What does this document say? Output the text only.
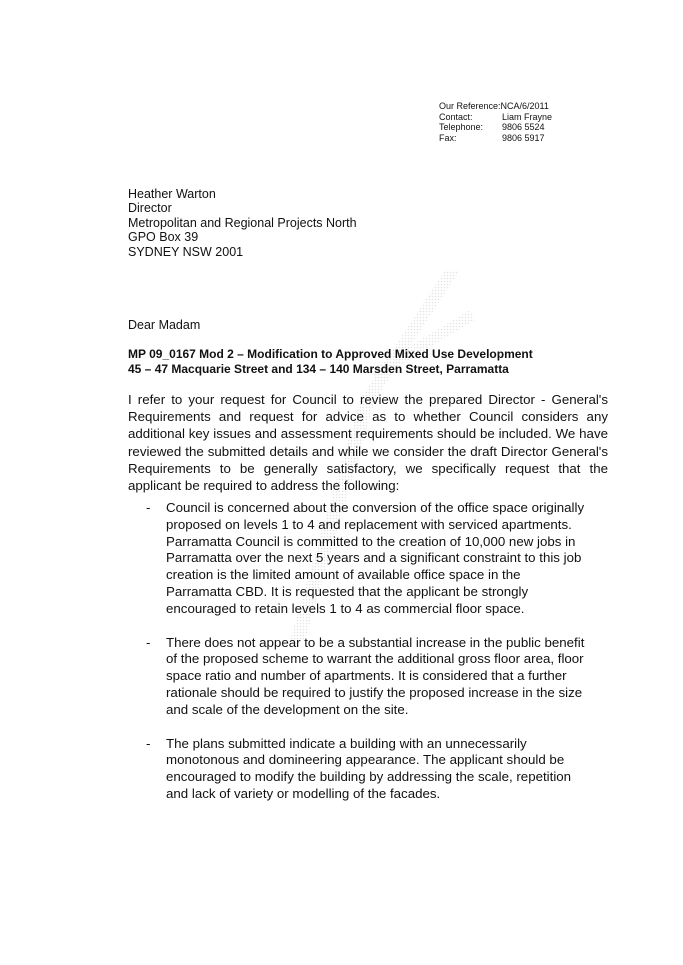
Our Reference: NCA/6/2011
Contact:	Liam Frayne
Telephone:	9806 5524
Fax:	9806 5917
Heather Warton
Director
Metropolitan and Regional Projects North
GPO Box 39
SYDNEY NSW 2001
Dear Madam
MP 09_0167 Mod 2 – Modification to Approved Mixed Use Development
45 – 47 Macquarie Street and 134 – 140 Marsden Street, Parramatta

I refer to your request for Council to review the prepared Director - General's Requirements and request for advice as to whether Council considers any additional key issues and assessment requirements should be included. We have reviewed the submitted details and while we consider the draft Director General's Requirements to be generally satisfactory, we specifically request that the applicant be required to address the following:

-	Council is concerned about the conversion of the office space originally
proposed on levels 1 to 4 and replacement with serviced apartments.
Parramatta Council is committed to the creation of 10,000 new jobs in
Parramatta over the next 5 years and a significant constraint to this job
creation is the limited amount of available office space in the
Parramatta CBD. It is requested that the applicant be strongly
encouraged to retain levels 1 to 4 as commercial floor space.
-	There does not appear to be a substantial increase in the public benefit
of the proposed scheme to warrant the additional gross floor area, floor
space ratio and number of apartments. It is considered that a further
rationale should be required to justify the proposed increase in the size
and scale of the development on the site.
-	The plans submitted indicate a building with an unnecessarily
monotonous and domineering appearance. The applicant should be
encouraged to modify the building by addressing the scale, repetition
and lack of variety or modelling of the facades.
